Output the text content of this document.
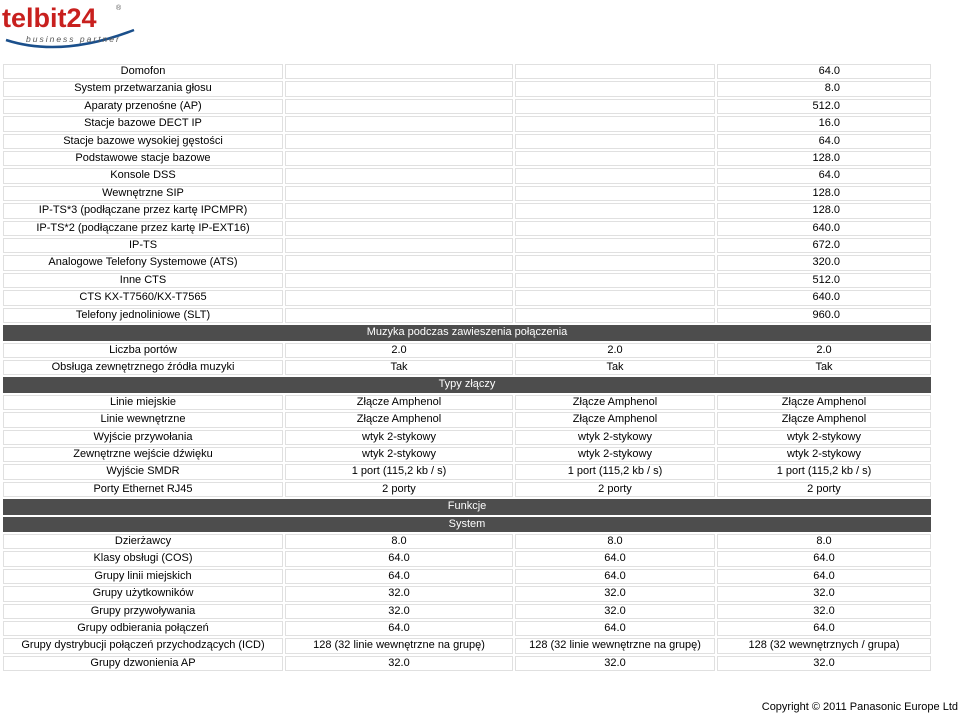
telbit24	®
business partner
Domofon			64.0
System przetwarzania głosu			8.0
Aparaty przenośne (AP)			512.0
Stacje bazowe DECT IP			16.0
Stacje bazowe wysokiej gęstości			64.0
Podstawowe stacje bazowe			128.0
Konsole DSS			64.0
Wewnętrzne SIP			128.0
IP-TS*3 (podłączane przez kartę IPCMPR)			128.0
IP-TS*2 (podłączane przez kartę IP-EXT16)			640.0
IP-TS			672.0
Analogowe Telefony Systemowe (ATS)			320.0
Inne CTS			512.0
CTS KX-T7560/KX-T7565			640.0
Telefony jednoliniowe (SLT)			960.0
Muzyka podczas zawieszenia połączenia			
Liczba portów	2.0	2.0	2.0
Obsługa zewnętrznego źródła muzyki	Tak	Tak	Tak
Typy złączy			
Linie miejskie	Złącze Amphenol	Złącze Amphenol	Złącze Amphenol
Linie wewnętrzne	Złącze Amphenol	Złącze Amphenol	Złącze Amphenol
Wyjście przywołania	wtyk 2-stykowy	wtyk 2-stykowy	wtyk 2-stykowy
Zewnętrzne wejście dźwięku	wtyk 2-stykowy	wtyk 2-stykowy	wtyk 2-stykowy
Wyjście SMDR	1 port (115,2 kb / s)	1 port (115,2 kb / s)	1 port (115,2 kb / s)
Porty Ethernet RJ45	2 porty	2 porty	2 porty
Funkcje			
System			
Dzierżawcy	8.0	8.0	8.0
Klasy obsługi (COS)	64.0	64.0	64.0
Grupy linii miejskich	64.0	64.0	64.0
Grupy użytkowników	32.0	32.0	32.0
Grupy przywoływania	32.0	32.0	32.0
Grupy odbierania połączeń	64.0	64.0	64.0
Grupy dystrybucji połączeń przychodzących (ICD)	128 (32 linie wewnętrzne na grupę)	128 (32 linie wewnętrzne na grupę)	128 (32 wewnętrznych / grupa)
Grupy dzwonienia AP	32.0	32.0	32.0
Copyright © 2011 Panasonic Europe Ltd
